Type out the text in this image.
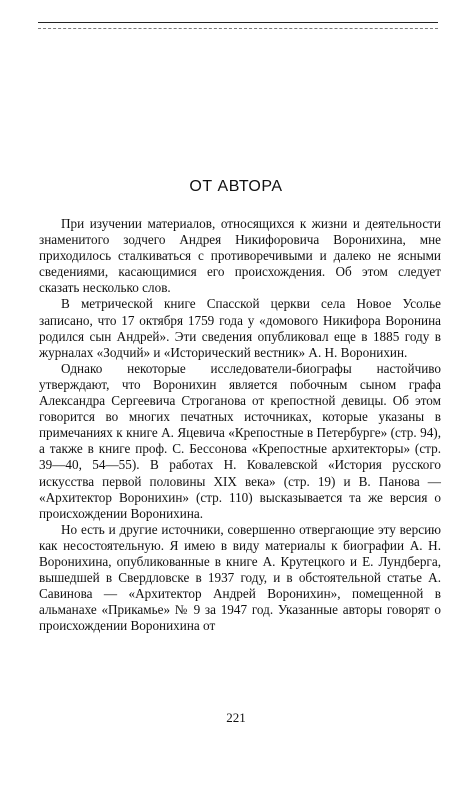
ОТ АВТОРА

При изучении материалов, относящихся к жизни и деятельности знаменитого зодчего Андрея Никифоровича Воронихина, мне приходилось сталкиваться с противоречивыми и далеко не ясными сведениями, касающимися его происхождения. Об этом следует сказать несколько слов.

В метрической книге Спасской церкви села Новое Усолье записано, что 17 октября 1759 года у «домового Никифора Воронина родился сын Андрей». Эти сведения опубликовал еще в 1885 году в журналах «Зодчий» и «Исторический вестник» А. Н. Воронихин.

Однако некоторые исследователи-биографы настойчиво утверждают, что Воронихин является побочным сыном графа Александра Сергеевича Строганова от крепостной девицы. Об этом говорится во многих печатных источниках, которые указаны в примечаниях к книге А. Яцевича «Крепостные в Петербурге» (стр. 94), а также в книге проф. С. Бессонова «Крепостные архитекторы» (стр. 39—40, 54—55). В работах Н. Ковалевской «История русского искусства первой половины XIX века» (стр. 19) и В. Панова — «Архитектор Воронихин» (стр. 110) высказывается та же версия о происхождении Воронихина.

Но есть и другие источники, совершенно отвергающие эту версию как несостоятельную. Я имею в виду материалы к биографии А. Н. Воронихина, опубликованные в книге А. Крутецкого и Е. Лундберга, вышедшей в Свердловске в 1937 году, и в обстоятельной статье А. Савинова — «Архитектор Андрей Воронихин», помещенной в альманахе «Прикамье» № 9 за 1947 год. Указанные авторы говорят о происхождении Воронихина от

221
